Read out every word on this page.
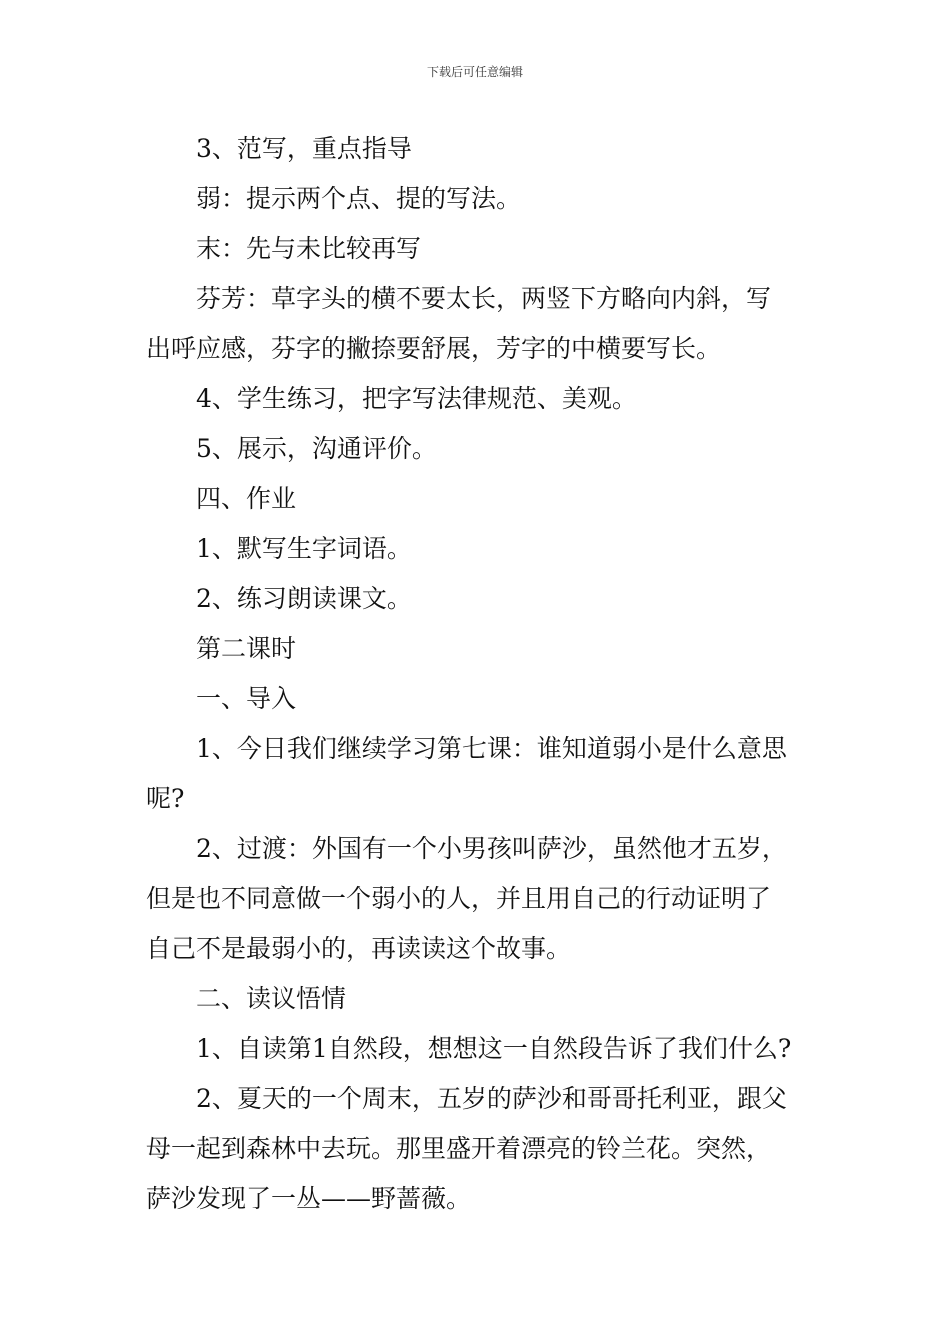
下载后可任意编辑

3、范写，重点指导

弱：提示两个点、提的写法。

末：先与未比较再写

芬芳：草字头的横不要太长，两竖下方略向内斜，写

出呼应感，芬字的撇捺要舒展，芳字的中横要写长。

4、学生练习，把字写法律规范、美观。

5、展示，沟通评价。

四、作业

1、默写生字词语。

2、练习朗读课文。

第二课时

一、导入

1、今日我们继续学习第七课：谁知道弱小是什么意思

呢?

2、过渡：外国有一个小男孩叫萨沙，虽然他才五岁，

但是也不同意做一个弱小的人，并且用自己的行动证明了

自己不是最弱小的，再读读这个故事。

二、读议悟情

1、自读第1自然段，想想这一自然段告诉了我们什么?

2、夏天的一个周末，五岁的萨沙和哥哥托利亚，跟父

母一起到森林中去玩。那里盛开着漂亮的铃兰花。突然，

萨沙发现了一丛——野蔷薇。
